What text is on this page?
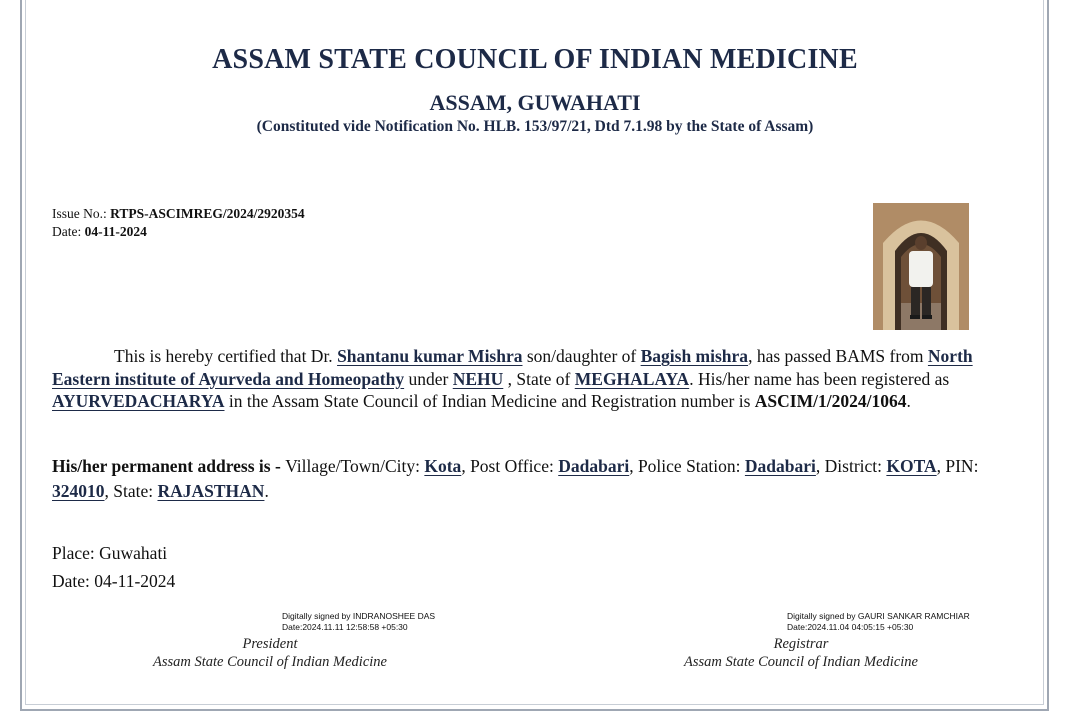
ASSAM STATE COUNCIL OF INDIAN MEDICINE
ASSAM, GUWAHATI
(Constituted vide Notification No. HLB. 153/97/21, Dtd 7.1.98 by the State of Assam)
Issue No.: RTPS-ASCIMREG/2024/2920354
Date: 04-11-2024
This is hereby certified that Dr. Shantanu kumar Mishra son/daughter of Bagish mishra, has passed BAMS from North Eastern institute of Ayurveda and Homeopathy under NEHU , State of MEGHALAYA. His/her name has been registered as AYURVEDACHARYA in the Assam State Council of Indian Medicine and Registration number is ASCIM/1/2024/1064.
His/her permanent address is - Village/Town/City: Kota, Post Office: Dadabari, Police Station: Dadabari, District: KOTA, PIN: 324010, State: RAJASTHAN.
Place: Guwahati
Date: 04-11-2024
Digitally signed by INDRANOSHEE DAS
Date:2024.11.11 12:58:58 +05:30
President
Assam State Council of Indian Medicine
Digitally signed by GAURI SANKAR RAMCHIAR
Date:2024.11.04 04:05:15 +05:30
Registrar
Assam State Council of Indian Medicine
